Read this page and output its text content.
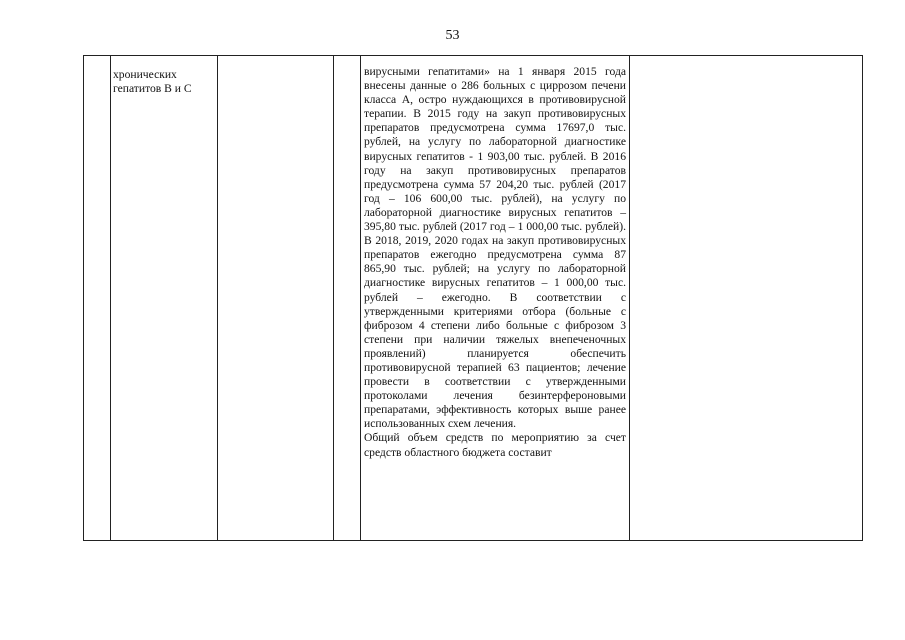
53
хронических гепатитов В и С

вирусными гепатитами» на 1 января 2015 года внесены данные о 286 больных с циррозом печени класса А, остро нуждающихся в противовирусной терапии. В 2015 году на закуп противовирусных препаратов предусмотрена сумма 17697,0 тыс. рублей, на услугу по лабораторной диагностике вирусных гепатитов - 1 903,00 тыс. рублей. В 2016 году на закуп противовирусных препаратов предусмотрена сумма 57 204,20 тыс. рублей (2017 год – 106 600,00 тыс. рублей), на услугу по лабораторной диагностике вирусных гепатитов – 395,80 тыс. рублей (2017 год – 1 000,00 тыс. рублей). В 2018, 2019, 2020 годах на закуп противовирусных препаратов ежегодно предусмотрена сумма 87 865,90 тыс. рублей; на услугу по лабораторной диагностике вирусных гепатитов – 1 000,00 тыс. рублей – ежегодно. В соответствии с утвержденными критериями отбора (больные с фиброзом 4 степени либо больные с фиброзом 3 степени при наличии тяжелых внепеченочных проявлений) планируется обеспечить противовирусной терапией 63 пациентов; лечение провести в соответствии с утвержденными протоколами лечения безинтерфероновыми препаратами, эффективность которых выше ранее использованных схем лечения.

Общий объем средств по мероприятию за счет средств областного бюджета составит
